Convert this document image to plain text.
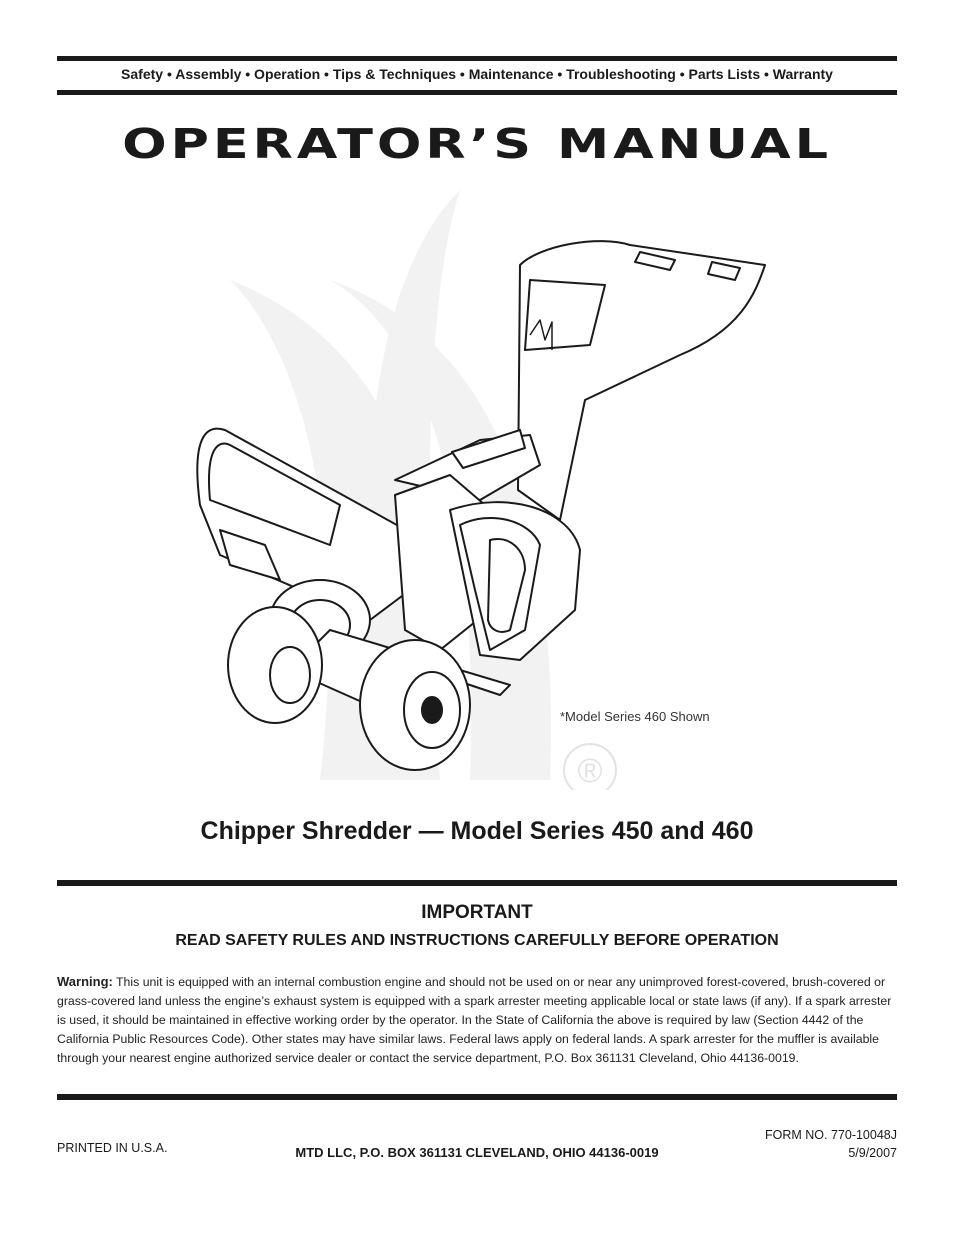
Safety • Assembly • Operation • Tips & Techniques • Maintenance • Troubleshooting • Parts Lists • Warranty
OPERATOR’S MANUAL
®
*Model Series 460 Shown
Chipper Shredder — Model Series 450 and 460
IMPORTANT
READ SAFETY RULES AND INSTRUCTIONS CAREFULLY BEFORE OPERATION
Warning: This unit is equipped with an internal combustion engine and should not be used on or near any unimproved forest-covered, brush-covered or grass-covered land unless the engine’s exhaust system is equipped with a spark arrester meeting applicable local or state laws (if any). If a spark arrester is used, it should be maintained in effective working order by the operator. In the State of California the above is required by law (Section 4442 of the California Public Resources Code). Other states may have similar laws. Federal laws apply on federal lands. A spark arrester for the muffler is available through your nearest engine authorized service dealer or contact the service department, P.O. Box 361131 Cleveland, Ohio 44136-0019.
PRINTED IN U.S.A.	MTD LLC, P.O. BOX 361131 CLEVELAND, OHIO 44136-0019
FORM NO. 770-10048J
5/9/2007
